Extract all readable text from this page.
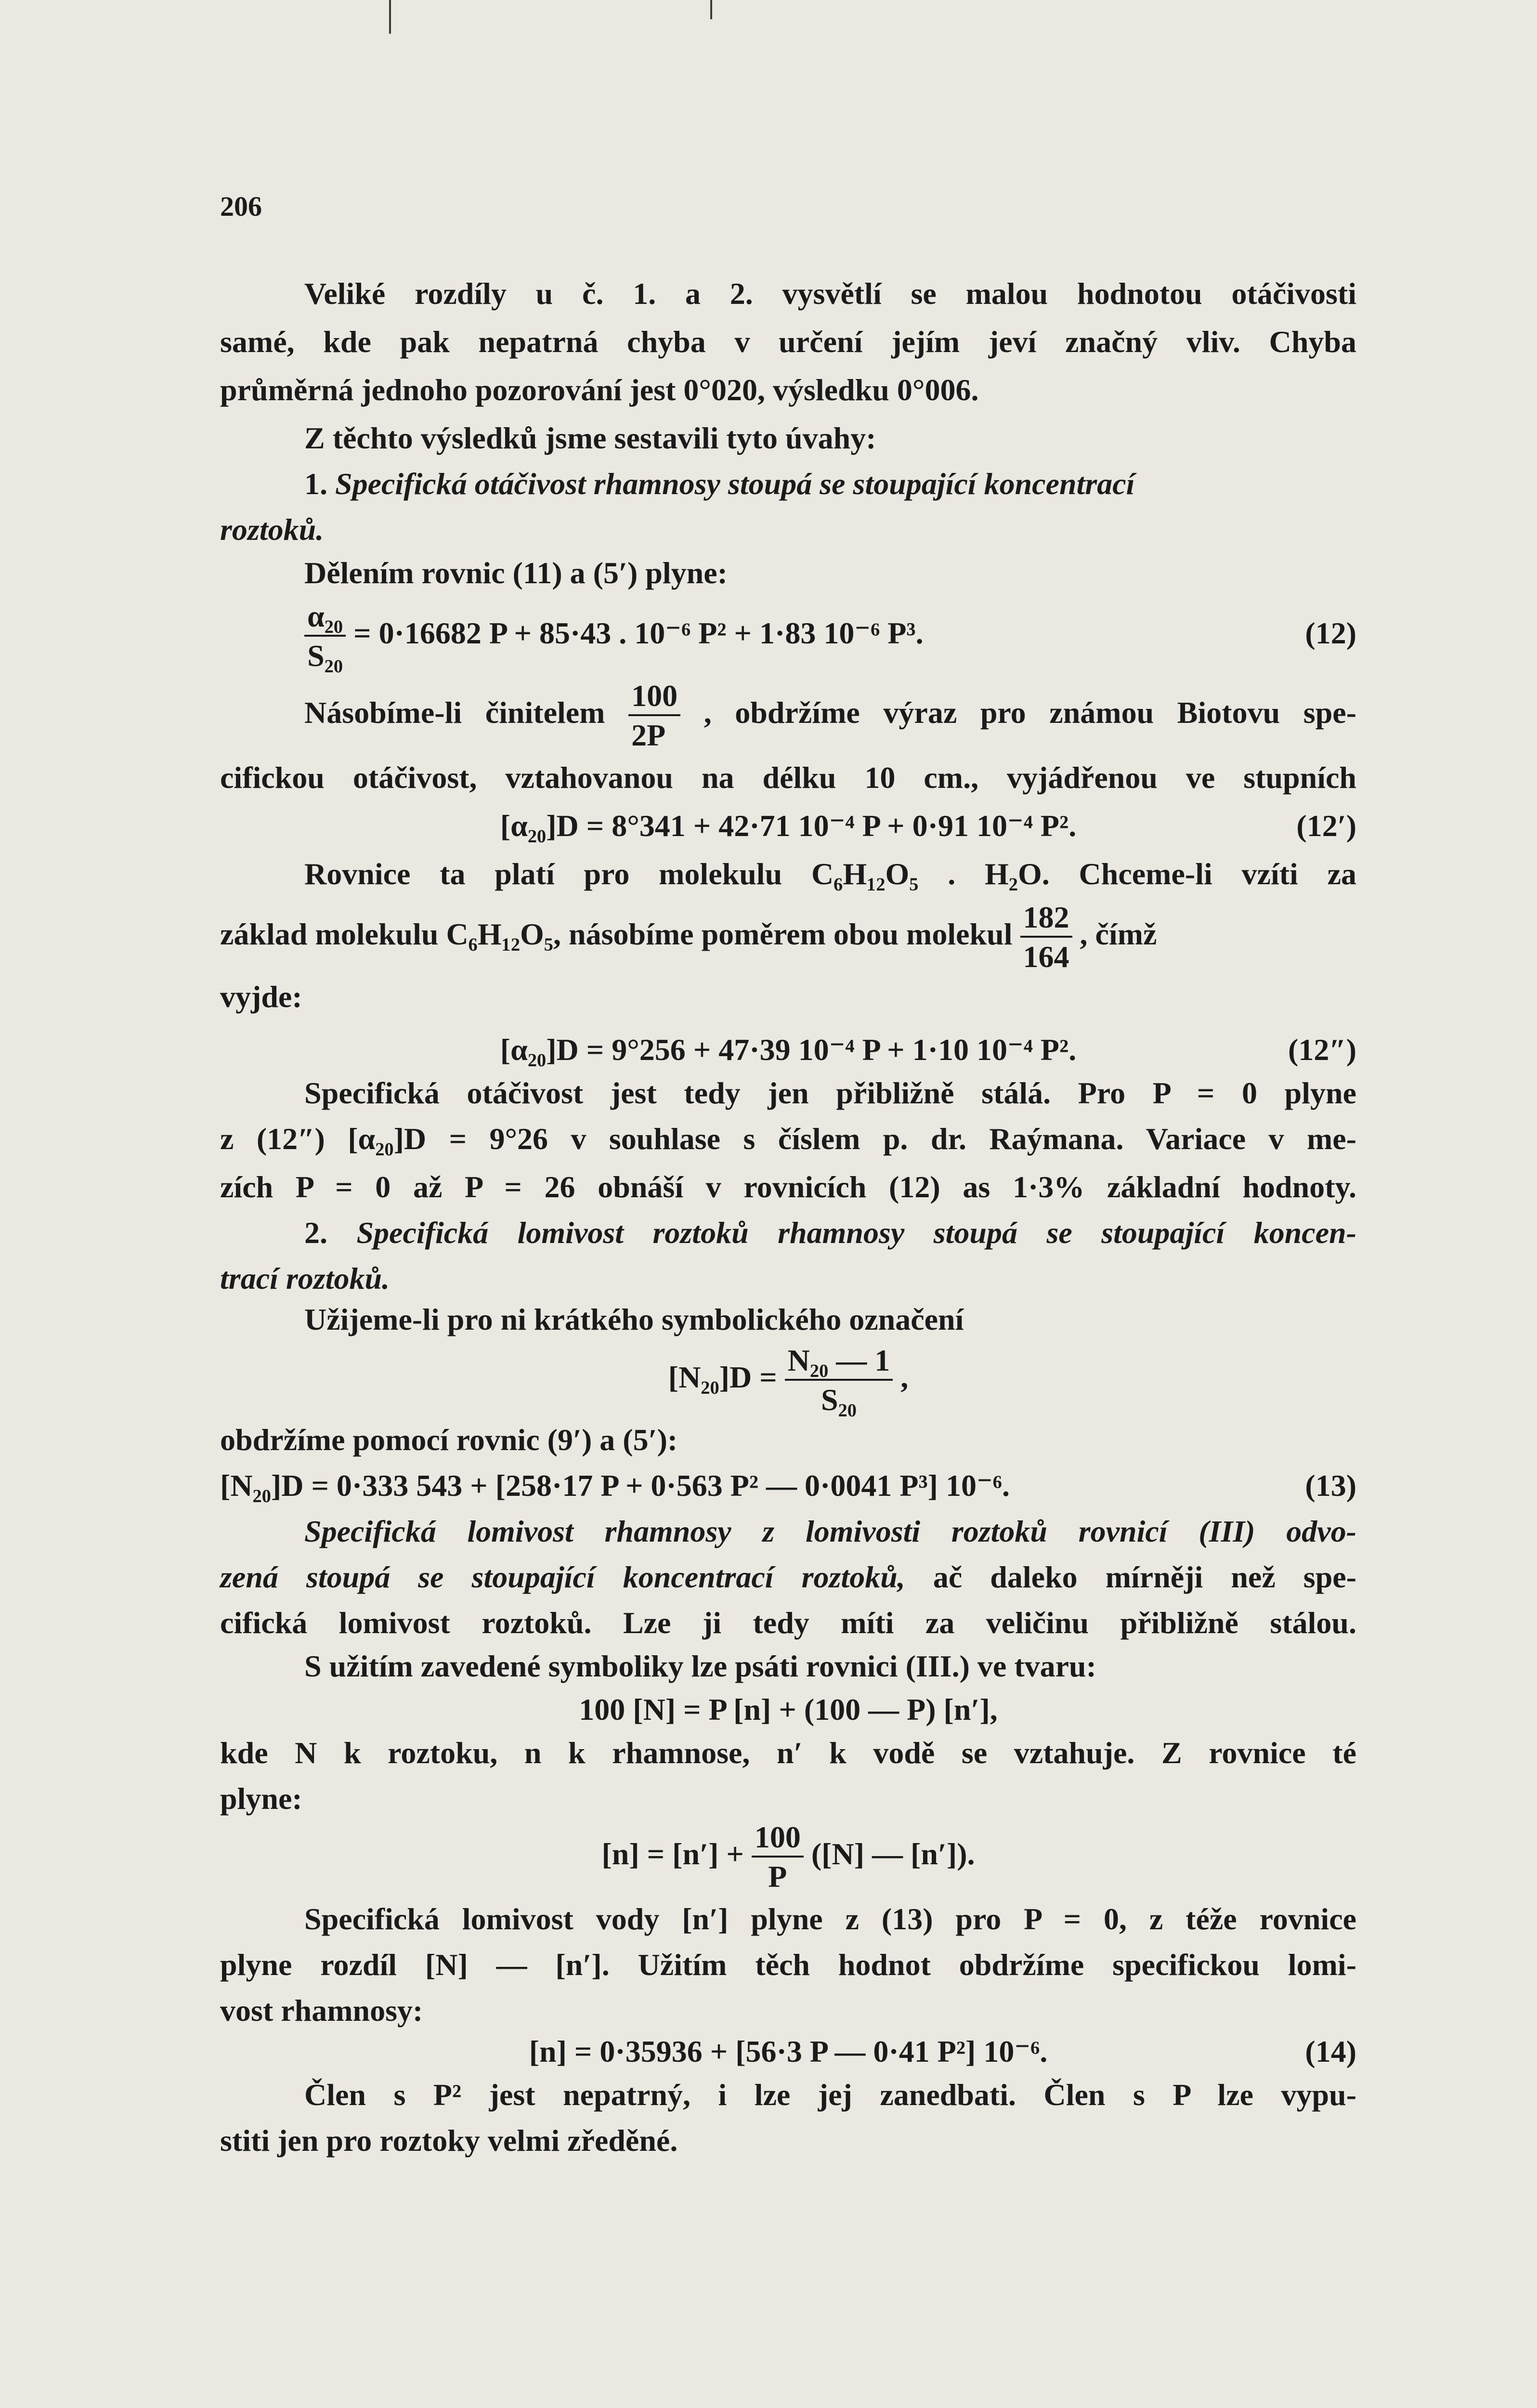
206
Veliké rozdíly u č. 1. a 2. vysvětlí se malou hodnotou otáčivosti
samé, kde pak nepatrná chyba v určení jejím jeví značný vliv. Chyba
průměrná jednoho pozorování jest 0°020, výsledku 0°006.
Z těchto výsledků jsme sestavili tyto úvahy:
1. Specifická otáčivost rhamnosy stoupá se stoupající koncentrací
roztoků.
Dělením rovnic (11) a (5′) plyne:
$\frac{\text{α₂₀}}{\text{S₂₀}} = 0\cdot 16682$ P + 85·43 . 10⁻⁶ P² + 1·83 10⁻⁶ P³.	(12)
Násobíme-li činitelem $\frac{100}{2P}$ , obdržíme výraz pro známou Biotovu spe-
cifickou otáčivost, vztahovanou na délku 10 cm., vyjádřenou ve stupních
[α₂₀]D = 8°341 + 42·71 10⁻⁴ P + 0·91 10⁻⁴ P².	(12′)
Rovnice ta platí pro molekulu C₆H₁₂O₅ . H₂O. Chceme-li vzíti za
základ molekulu C₆H₁₂O₅, násobíme poměrem obou molekul $\frac{182}{164}$ , čímž
vyjde:
[α₂₀]D = 9°256 + 47·39 10⁻⁴ P + 1·10 10⁻⁴ P².	(12″)
Specifická otáčivost jest tedy jen přibližně stálá. Pro P = 0 plyne
z (12″) [α₂₀]D = 9°26 v souhlase s číslem p. dr. Raýmana. Variace v me-
zích P = 0 až P = 26 obnáší v rovnicích (12) as 1·3% základní hodnoty.
2. Specifická lomivost roztoků rhamnosy stoupá se stoupající koncen-
trací roztoků.
Užijeme-li pro ni krátkého symbolického označení
$[N_{20}]D = \frac{\text{N₂₀ — 1}}{\text{S₂₀}}$ ,
obdržíme pomocí rovnic (9′) a (5′):
[N₂₀]D = 0·333 543 + [258·17 P + 0·563 P² — 0·0041 P³] 10⁻⁶.	(13)
Specifická lomivost rhamnosy z lomivosti roztoků rovnicí (III) odvo-
zená stoupá se stoupající koncentrací roztoků, ač daleko mírněji než spe-
cifická lomivost roztoků. Lze ji tedy míti za veličinu přibližně stálou.
S užitím zavedené symboliky lze psáti rovnici (III.) ve tvaru:
100 [N] = P [n] + (100 — P) [n′],
kde N k roztoku, n k rhamnose, n′ k vodě se vztahuje. Z rovnice té
plyne:
$[n] = [n'] + \frac{100}{P} ([N]$ — [n′]).
Specifická lomivost vody [n′] plyne z (13) pro P = 0, z téže rovnice
plyne rozdíl [N] — [n′]. Užitím těch hodnot obdržíme specifickou lomi-
vost rhamnosy:
[n] = 0·35936 + [56·3 P — 0·41 P²] 10⁻⁶.	(14)
Člen s P² jest nepatrný, i lze jej zanedbati. Člen s P lze vypu-
stiti jen pro roztoky velmi zředěné.
